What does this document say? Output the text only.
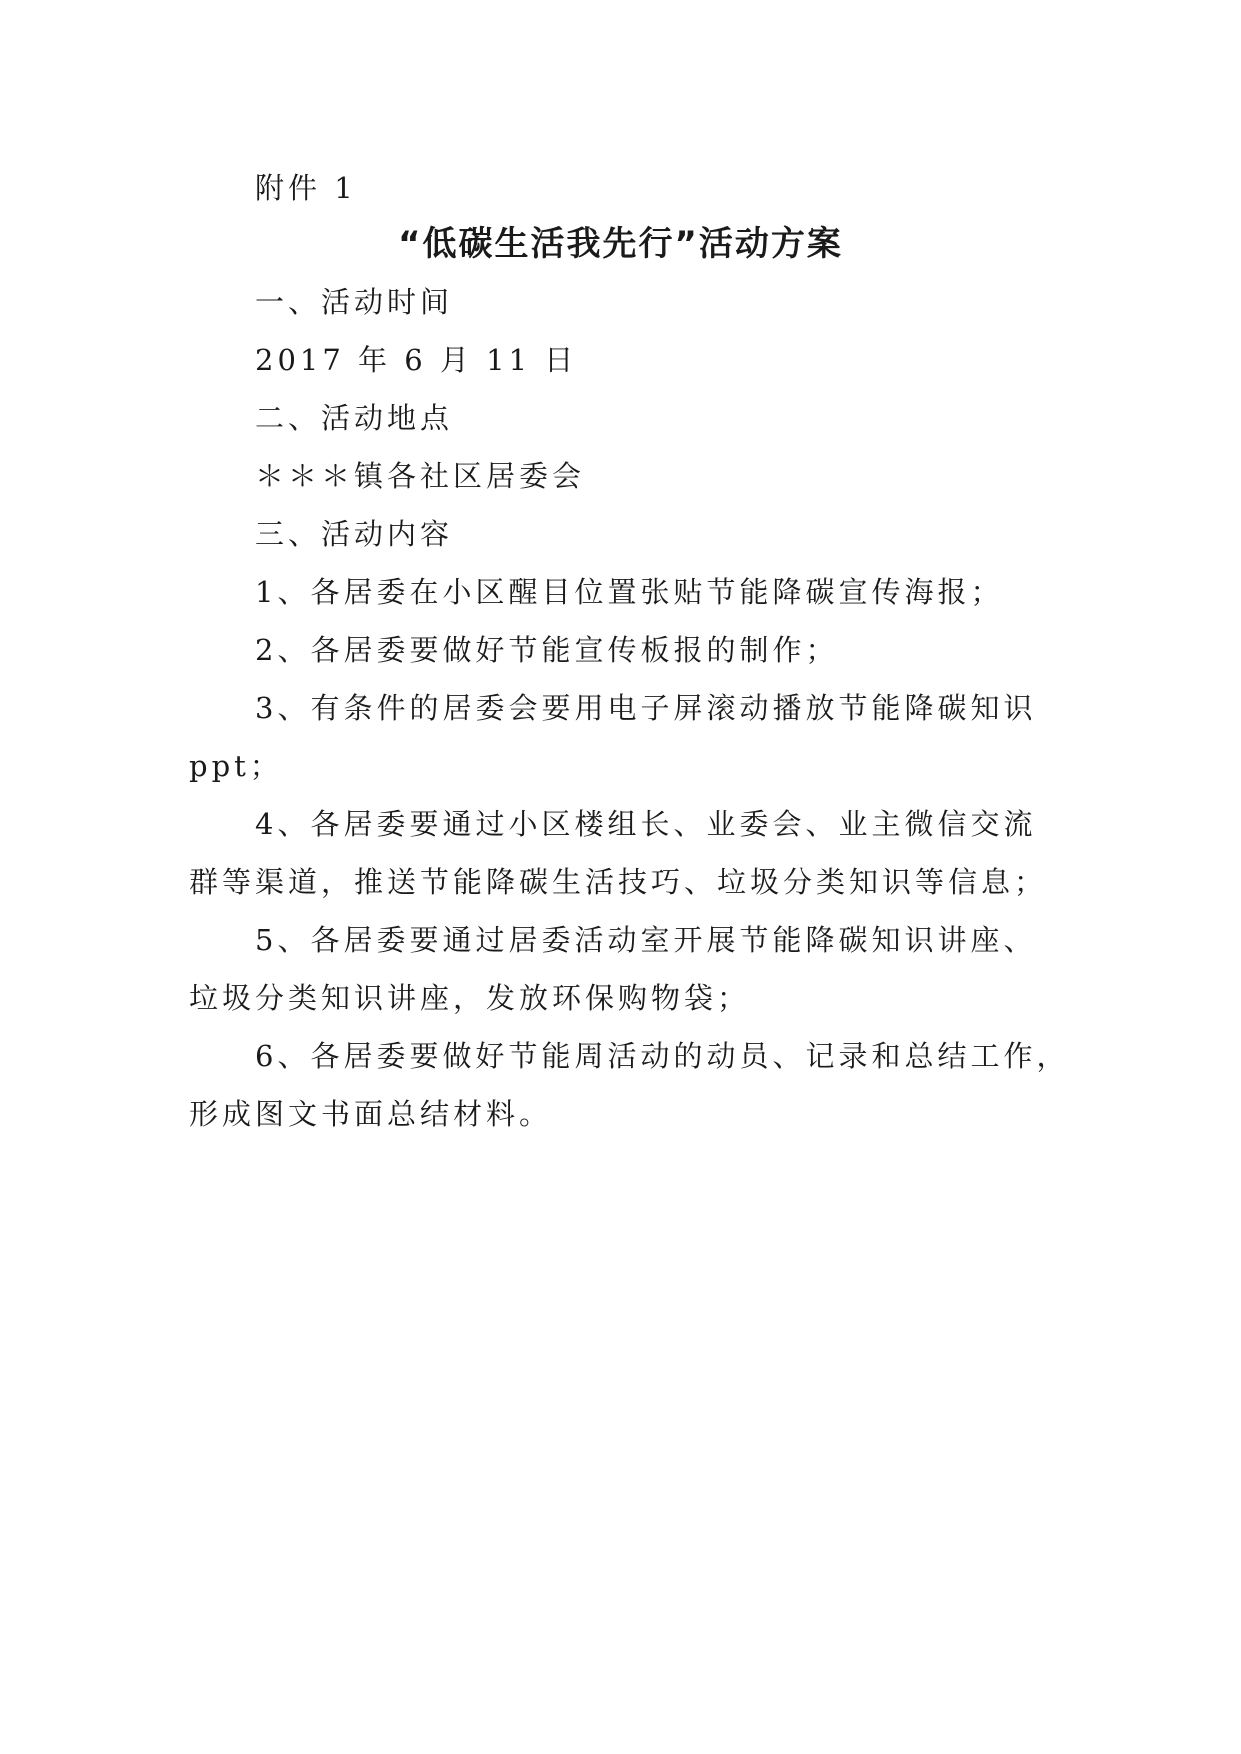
附件 1
“低碳生活我先行”活动方案
一、活动时间
2017 年 6 月 11 日
二、活动地点
＊＊＊镇各社区居委会
三、活动内容
1、各居委在小区醒目位置张贴节能降碳宣传海报；
2、各居委要做好节能宣传板报的制作；
3、有条件的居委会要用电子屏滚动播放节能降碳知识
ppt；
4、各居委要通过小区楼组长、业委会、业主微信交流
群等渠道，推送节能降碳生活技巧、垃圾分类知识等信息；
5、各居委要通过居委活动室开展节能降碳知识讲座、
垃圾分类知识讲座，发放环保购物袋；
6、各居委要做好节能周活动的动员、记录和总结工作，
形成图文书面总结材料。
